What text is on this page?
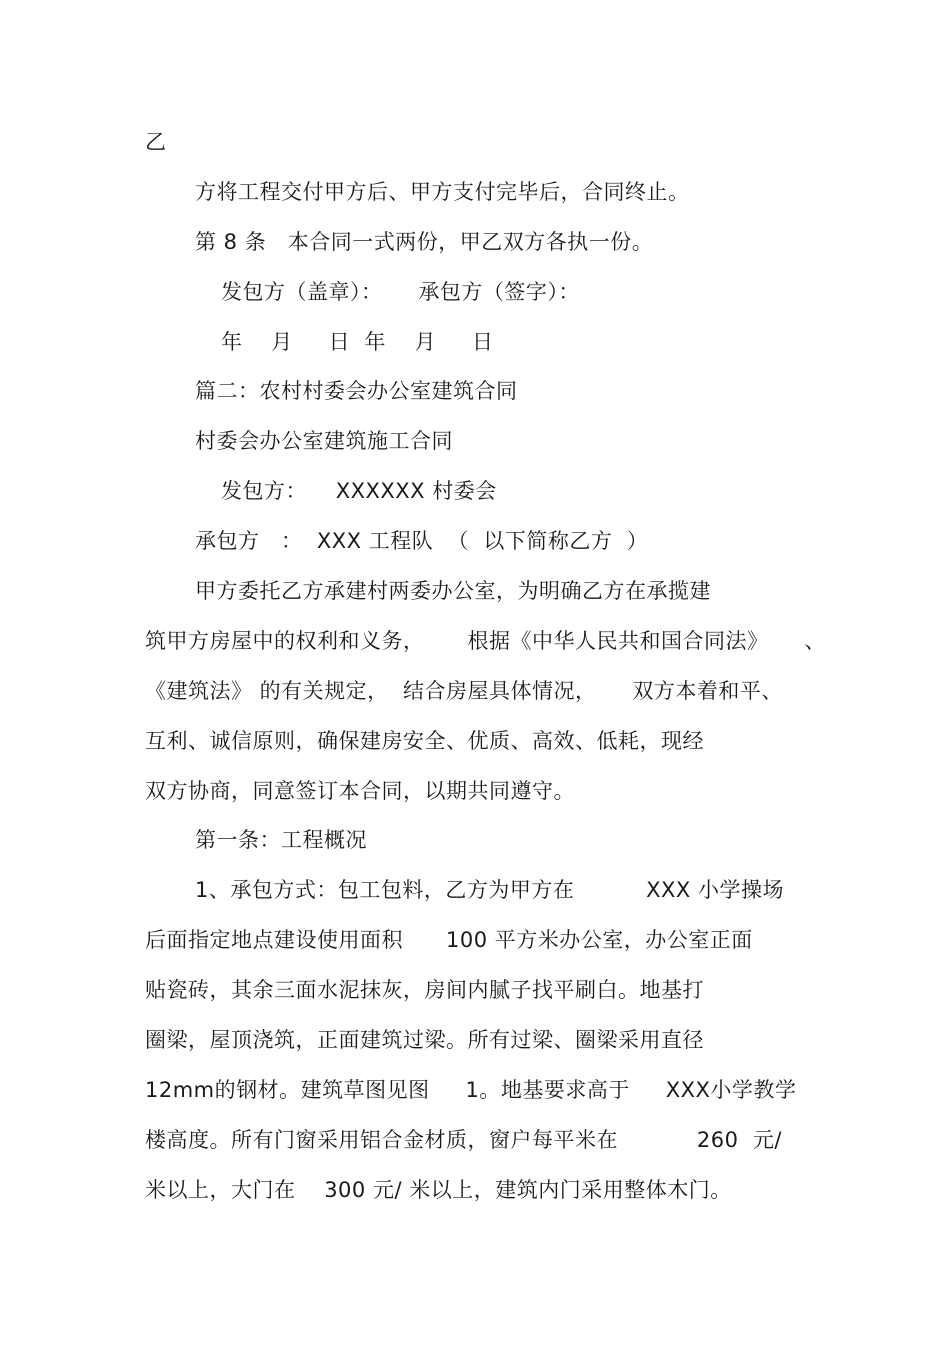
乙
方将工程交付甲方后、甲方支付完毕后，合同终止。
第 8 条   本合同一式两份，甲乙双方各执一份。
发包方（盖章）：     承包方（签字）：
年    月     日  年    月     日
篇二：农村村委会办公室建筑合同
村委会办公室建筑施工合同
发包方：    XXXXXX 村委会
承包方   ：  XXX 工程队  （  以下简称乙方  ）
甲方委托乙方承建村两委办公室，为明确乙方在承揽建
筑甲方房屋中的权利和义务，      根据《中华人民共和国合同法》     、
《建筑法》 的有关规定，  结合房屋具体情况，     双方本着和平、
互利、诚信原则，确保建房安全、优质、高效、低耗，现经
双方协商，同意签订本合同，以期共同遵守。
第一条：工程概况
1、承包方式：包工包料，乙方为甲方在          XXX 小学操场
后面指定地点建设使用面积      100 平方米办公室，办公室正面
贴瓷砖，其余三面水泥抹灰，房间内腻子找平刷白。地基打
圈梁，屋顶浇筑，正面建筑过梁。所有过梁、圈梁采用直径
12mm的钢材。建筑草图见图     1。地基要求高于     XXX小学教学
楼高度。所有门窗采用铝合金材质，窗户每平米在           260  元/
米以上，大门在    300 元/ 米以上，建筑内门采用整体木门。
